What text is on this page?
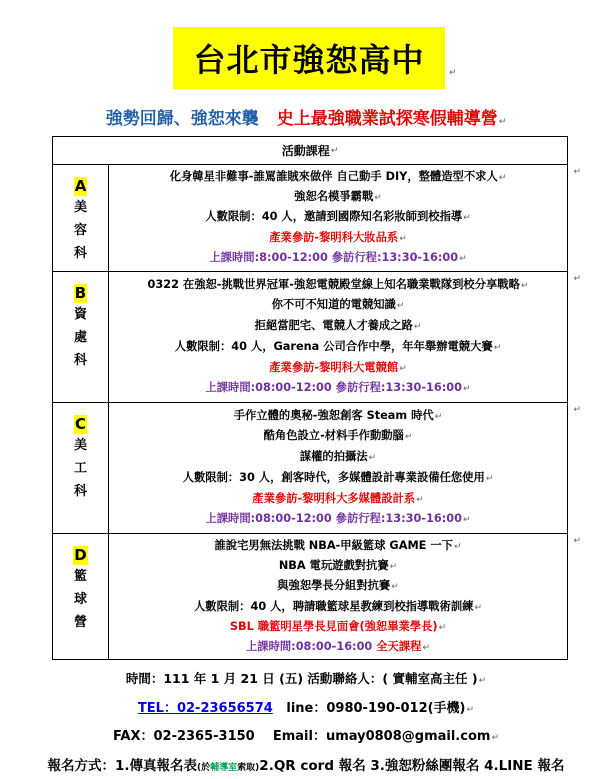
台北市強恕高中	↵
強勢回歸、強恕來襲 史上最強職業試探寒假輔導營↵
活動課程 ↵
A
美
容
科
化身韓星非難事-誰罵誰賊來做伴 自己動手 DIY，整體造型不求人↵
強恕名模爭霸戰↵
人數限制：40 人，邀請到國際知名彩妝師到校指導↵
產業參訪-黎明科大妝品系↵
上課時間:8:00-12:00 參訪行程:13:30-16:00↵
↵
B
資
處
科
0322 在強恕-挑戰世界冠軍-強恕電競殿堂線上知名職業戰隊到校分享戰略↵
你不可不知道的電競知識↵
拒絕當肥宅、電競人才養成之路↵
人數限制：40 人，Garena 公司合作中學，年年舉辦電競大賽↵
產業參訪-黎明科大電競館↵
上課時間:08:00-12:00 參訪行程:13:30-16:00↵
↵
C
美
工
科
手作立體的奧秘-強恕創客 Steam 時代↵
酷角色設立-材料手作動動腦↵
謀權的拍攝法↵
人數限制：30 人，創客時代，多媒體設計專業設備任您使用↵
產業參訪-黎明科大多媒體設計系↵
上課時間:08:00-12:00 參訪行程:13:30-16:00↵
↵
D
籃
球
營
誰說宅男無法挑戰 NBA-甲級籃球 GAME 一下↵
NBA 電玩遊戲對抗賽↵
與強恕學長分組對抗賽↵
人數限制：40 人，聘請職籃球星教練到校指導戰術訓練↵
SBL 職籃明星學長見面會(強恕畢業學長)↵
上課時間:08:00-16:00 全天課程↵
↵
時間：111 年 1 月 21 日 (五) 活動聯絡人：( 實輔室高主任 )↵
TEL：02-23656574 line：0980-190-012(手機)↵
FAX：02-2365-3150 Email：umay0808@gmail.com↵
報名方式：1.傳真報名表(於輔導室索取)2.QR cord 報名 3.強恕粉絲團報名 4.LINE 報名
